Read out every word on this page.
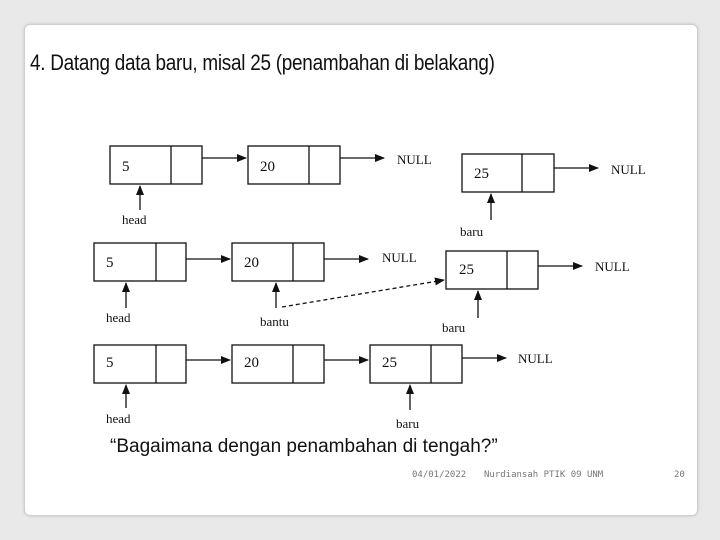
4. Datang data baru, misal 25 (penambahan di belakang)
5	20	NULL
25	NULL
head
baru
5	20	NULL
25	NULL
head	bantu	baru
5	20	25	NULL
head	baru
“Bagaimana dengan penambahan di tengah?”
04/01/2022 Nurdiansah PTIK 09 UNM	20
